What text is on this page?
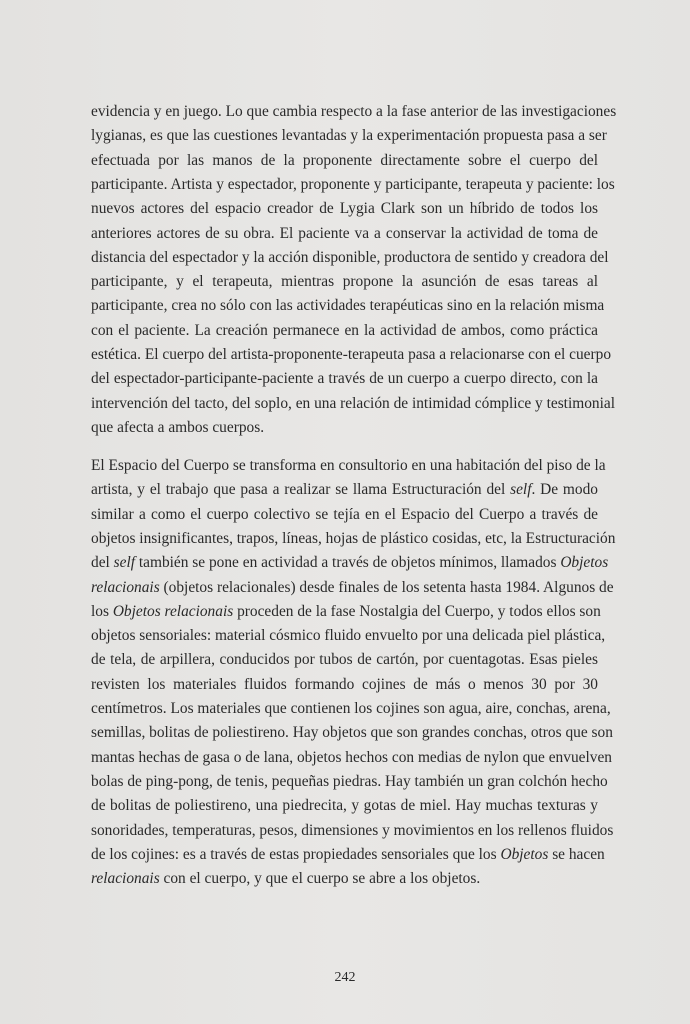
evidencia y en juego. Lo que cambia respecto a la fase anterior de las investigaciones
lygianas, es que las cuestiones levantadas y la experimentación propuesta pasa a ser
efectuada por las manos de la proponente directamente sobre el cuerpo del
participante. Artista y espectador, proponente y participante, terapeuta y paciente: los
nuevos actores del espacio creador de Lygia Clark son un híbrido de todos los
anteriores actores de su obra. El paciente va a conservar la actividad de toma de
distancia del espectador y la acción disponible, productora de sentido y creadora del
participante, y el terapeuta, mientras propone la asunción de esas tareas al
participante, crea no sólo con las actividades terapéuticas sino en la relación misma
con el paciente. La creación permanece en la actividad de ambos, como práctica
estética. El cuerpo del artista-proponente-terapeuta pasa a relacionarse con el cuerpo
del espectador-participante-paciente a través de un cuerpo a cuerpo directo, con la
intervención del tacto, del soplo, en una relación de intimidad cómplice y testimonial
que afecta a ambos cuerpos.
El Espacio del Cuerpo se transforma en consultorio en una habitación del piso de la
artista, y el trabajo que pasa a realizar se llama Estructuración del self. De modo
similar a como el cuerpo colectivo se tejía en el Espacio del Cuerpo a través de
objetos insignificantes, trapos, líneas, hojas de plástico cosidas, etc, la Estructuración
del self también se pone en actividad a través de objetos mínimos, llamados Objetos
relacionais (objetos relacionales) desde finales de los setenta hasta 1984. Algunos de
los Objetos relacionais proceden de la fase Nostalgia del Cuerpo, y todos ellos son
objetos sensoriales: material cósmico fluido envuelto por una delicada piel plástica,
de tela, de arpillera, conducidos por tubos de cartón, por cuentagotas. Esas pieles
revisten los materiales fluidos formando cojines de más o menos 30 por 30
centímetros. Los materiales que contienen los cojines son agua, aire, conchas, arena,
semillas, bolitas de poliestireno. Hay objetos que son grandes conchas, otros que son
mantas hechas de gasa o de lana, objetos hechos con medias de nylon que envuelven
bolas de ping-pong, de tenis, pequeñas piedras. Hay también un gran colchón hecho
de bolitas de poliestireno, una piedrecita, y gotas de miel. Hay muchas texturas y
sonoridades, temperaturas, pesos, dimensiones y movimientos en los rellenos fluidos
de los cojines: es a través de estas propiedades sensoriales que los Objetos se hacen
relacionais con el cuerpo, y que el cuerpo se abre a los objetos.
242
